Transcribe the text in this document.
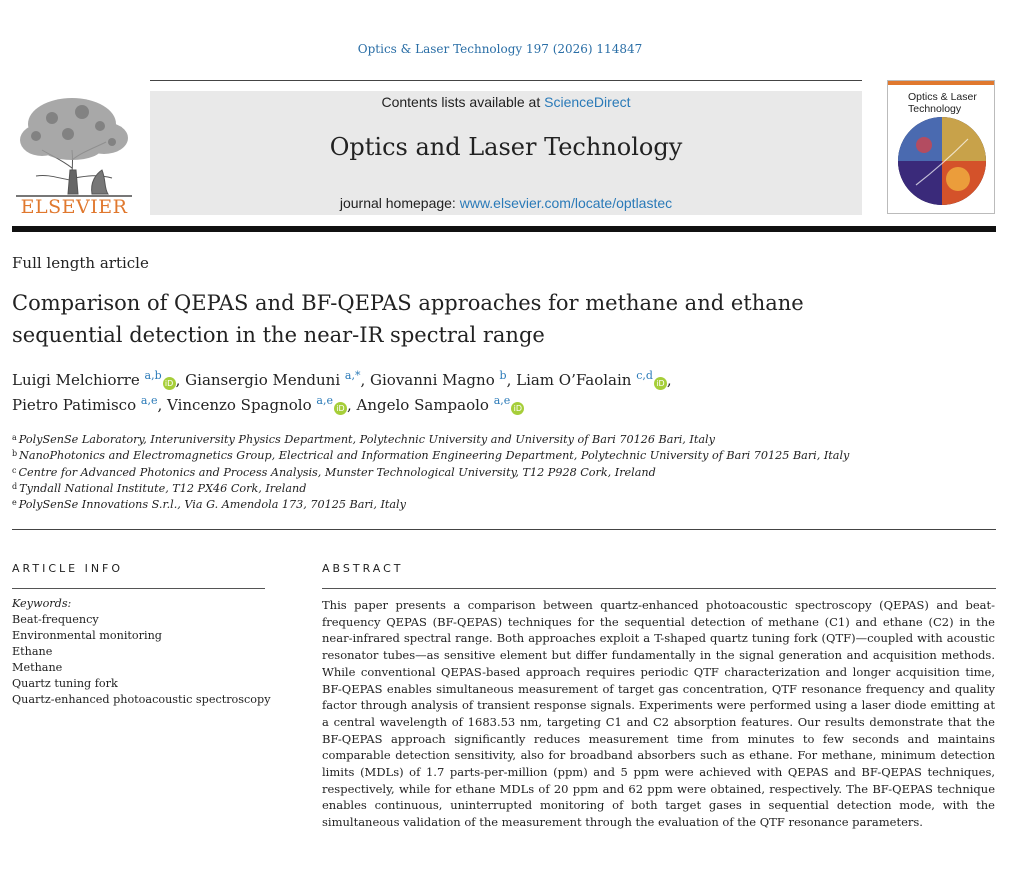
Optics & Laser Technology 197 (2026) 114847
ELSEVIER
Contents lists available at ScienceDirect
Optics and Laser Technology
journal homepage: www.elsevier.com/locate/optlastec
Optics & Laser Technology
Full length article
Comparison of QEPAS and BF-QEPAS approaches for methane and ethane sequential detection in the near-IR spectral range
Luigi Melchiorre $^{a,b}$iD , Giansergio Menduni $^{a,*}$, Giovanni Magno $^b$, Liam O’Faolain $^{c,d}$iD ,
Pietro Patimisco $^{a,e}$, Vincenzo Spagnolo $^{a,e}$iD , Angelo Sampaolo $^{a,e}$iD
$^a$ PolySenSe Laboratory, Interuniversity Physics Department, Polytechnic University and University of Bari 70126 Bari, Italy
$^b$ NanoPhotonics and Electromagnetics Group, Electrical and Information Engineering Department, Polytechnic University of Bari 70125 Bari, Italy
$^c$ Centre for Advanced Photonics and Process Analysis, Munster Technological University, T12 P928 Cork, Ireland
$^d$ Tyndall National Institute, T12 PX46 Cork, Ireland
$^e$ PolySenSe Innovations S.r.l., Via G. Amendola 173, 70125 Bari, Italy
ARTICLE INFO	ABSTRACT
Keywords:
Beat-frequency
Environmental monitoring
Ethane
Methane
Quartz tuning fork
Quartz-enhanced photoacoustic spectroscopy

This paper presents a comparison between quartz-enhanced photoacoustic spectroscopy (QEPAS) and beat-frequency QEPAS (BF-QEPAS) techniques for the sequential detection of methane (C1) and ethane (C2) in the near-infrared spectral range. Both approaches exploit a T-shaped quartz tuning fork (QTF)—coupled with acoustic resonator tubes—as sensitive element but differ fundamentally in the signal generation and acquisition methods. While conventional QEPAS-based approach requires periodic QTF characterization and longer acquisition time, BF-QEPAS enables simultaneous measurement of target gas concentration, QTF resonance frequency and quality factor through analysis of transient response signals. Experiments were performed using a laser diode emitting at a central wavelength of 1683.53 nm, targeting C1 and C2 absorption features. Our results demonstrate that the BF-QEPAS approach significantly reduces measurement time from minutes to few seconds and maintains comparable detection sensitivity, also for broadband absorbers such as ethane. For methane, minimum detection limits (MDLs) of 1.7 parts-per-million (ppm) and 5 ppm were achieved with QEPAS and BF-QEPAS techniques, respectively, while for ethane MDLs of 20 ppm and 62 ppm were obtained, respectively. The BF-QEPAS technique enables continuous, uninterrupted monitoring of both target gases in sequential detection mode, with the simultaneous validation of the measurement through the evaluation of the QTF resonance parameters.
